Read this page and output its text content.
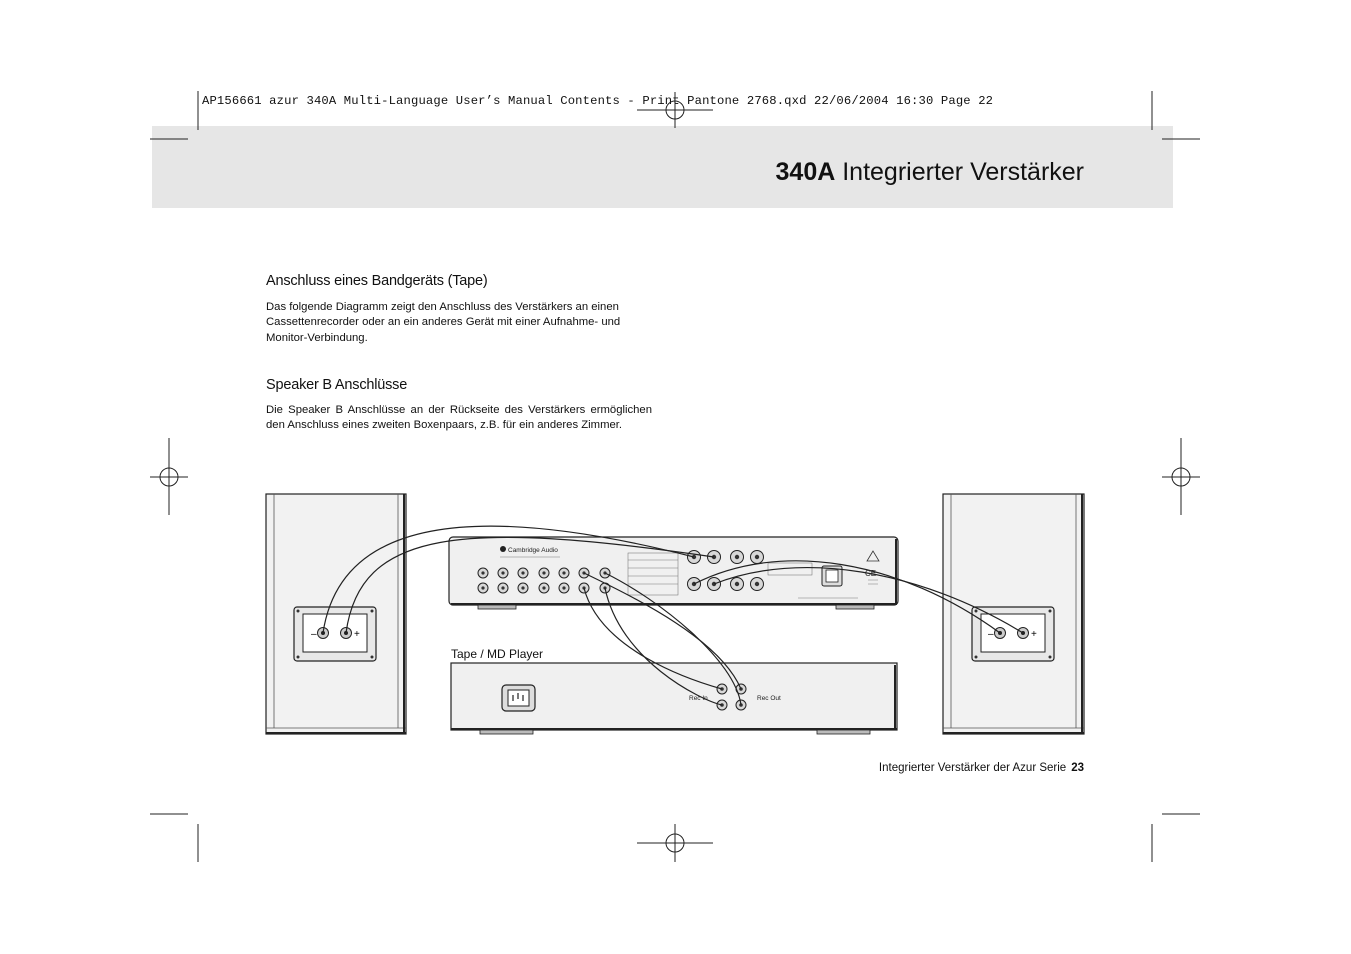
AP156661 azur 340A Multi-Language User’s Manual Contents - Print Pantone 2768.qxd 22/06/2004 16:30 Page 22
340A Integrierter Verstärker
Anschluss eines Bandgeräts (Tape)
Das folgende Diagramm zeigt den Anschluss des Verstärkers an einen Cassettenrecorder oder an ein anderes Gerät mit einer Aufnahme- und Monitor-Verbindung.
Speaker B Anschlüsse
Die Speaker B Anschlüsse an der Rückseite des Verstärkers ermöglichen den Anschluss eines zweiten Boxenpaars, z.B. für ein anderes Zimmer.
Integrierter Verstärker der Azur Serie 23
–	+	–	+
Cambridge Audio
CE
Tape / MD Player
Rec In	Rec Out
